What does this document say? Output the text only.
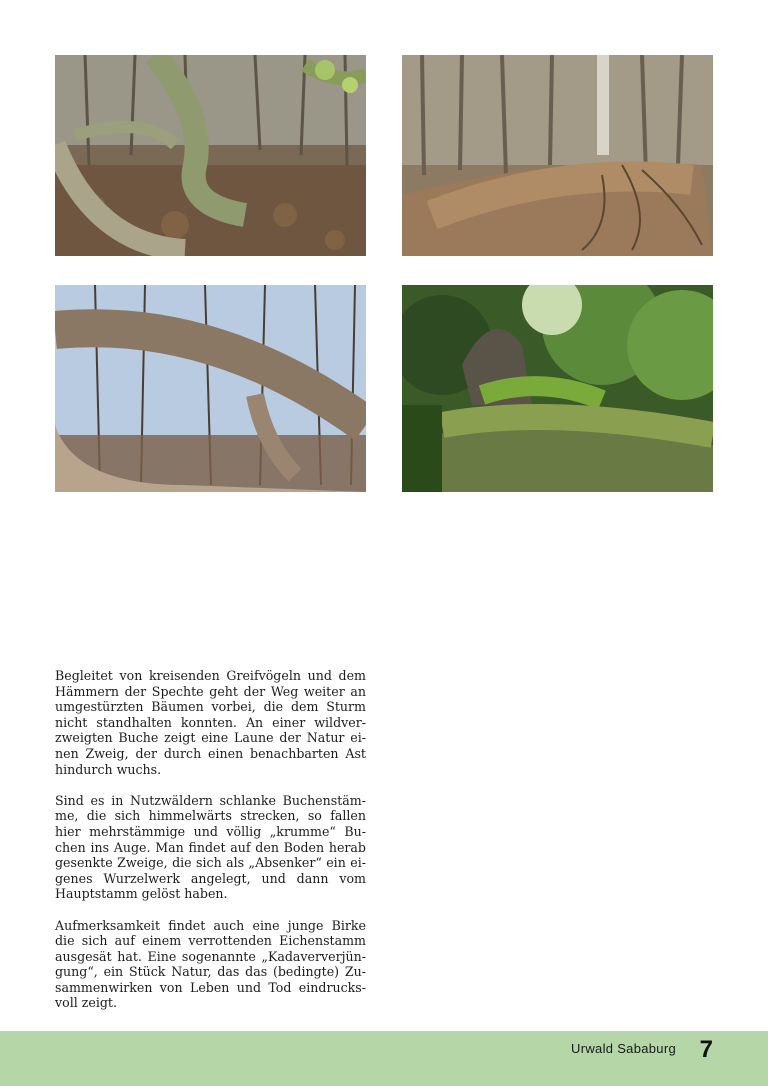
Begleitet von kreisenden Greifvögeln und dem Hämmern der Spechte geht der Weg weiter an umgestürzten Bäumen vorbei, die dem Sturm nicht standhalten konnten. An einer wildverzweigten Buche zeigt eine Laune der Natur einen Zweig, der durch einen benachbarten Ast hindurch wuchs.

Sind es in Nutzwäldern schlanke Buchenstämme, die sich himmelwärts strecken, so fallen hier mehrstämmige und völlig „krumme“ Buchen ins Auge. Man findet auf den Boden herab gesenkte Zweige, die sich als „Absenker“ ein eigenes Wurzelwerk angelegt, und dann vom Hauptstamm gelöst haben.

Aufmerksamkeit findet auch eine junge Birke die sich auf einem verrottenden Eichenstamm ausgesät hat. Eine sogenannte „Kadaververjüngung“, ein Stück Natur, das das (bedingte) Zusammenwirken von Leben und Tod eindrucksvoll zeigt.

Urwald Sababurg 7
